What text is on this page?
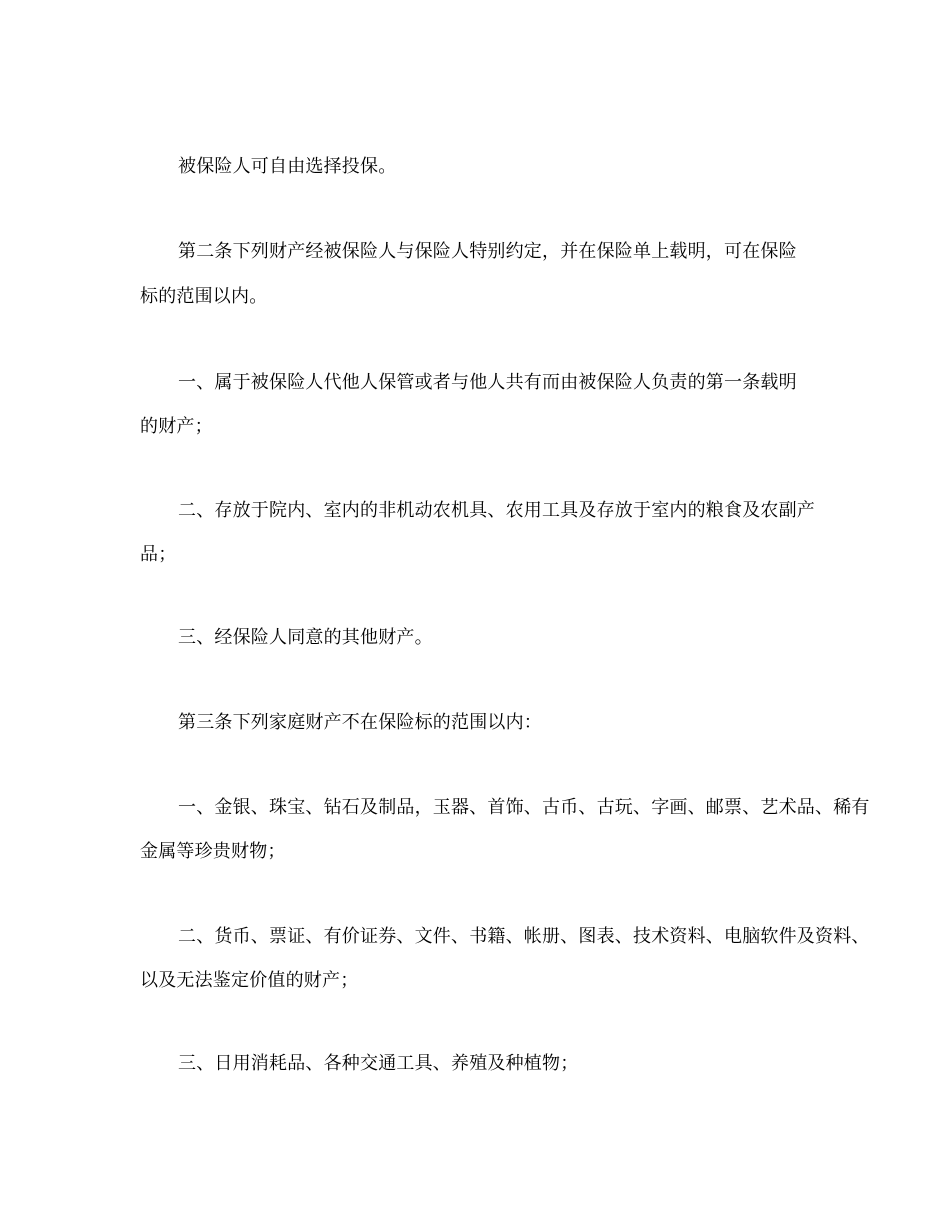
被保险人可自由选择投保。
第二条下列财产经被保险人与保险人特别约定，并在保险单上载明，可在保险
标的范围以内。
一、属于被保险人代他人保管或者与他人共有而由被保险人负责的第一条载明
的财产；
二、存放于院内、室内的非机动农机具、农用工具及存放于室内的粮食及农副产
品；
三、经保险人同意的其他财产。
第三条下列家庭财产不在保险标的范围以内：
一、金银、珠宝、钻石及制品，玉器、首饰、古币、古玩、字画、邮票、艺术品、稀有
金属等珍贵财物；
二、货币、票证、有价证券、文件、书籍、帐册、图表、技术资料、电脑软件及资料、
以及无法鉴定价值的财产；
三、日用消耗品、各种交通工具、养殖及种植物；
